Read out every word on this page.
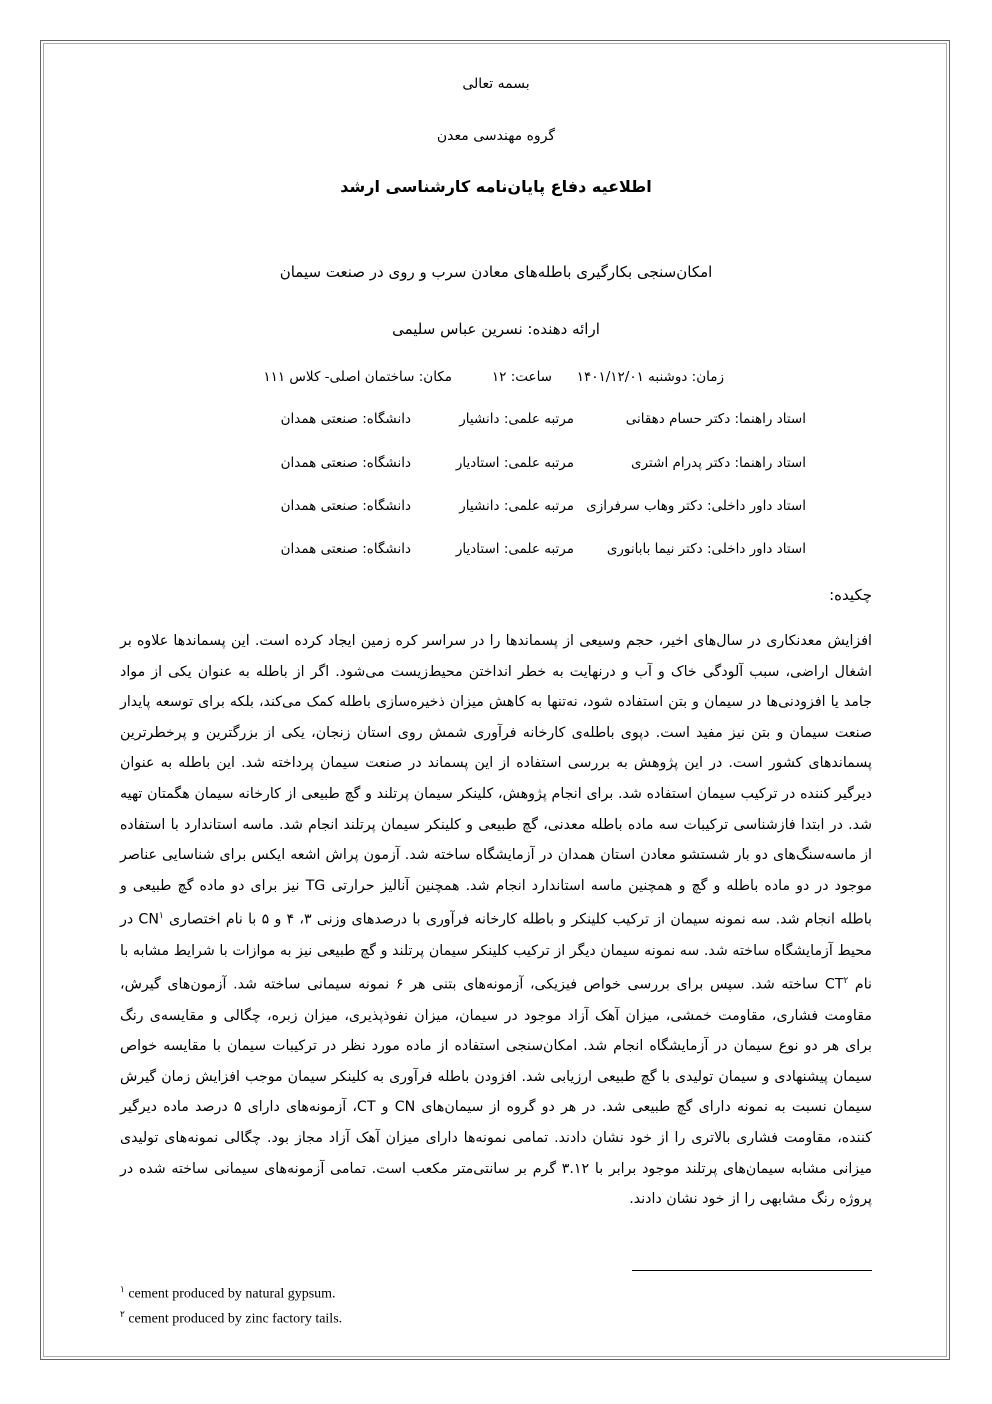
بسمه تعالی
گروه مهندسی معدن
اطلاعیه دفاع پایان‌نامه کارشناسی ارشد
امکان‌سنجی بکارگیری باطله‌های معادن سرب و روی در صنعت سیمان
ارائه دهنده: نسرین عباس سلیمی
زمان: دوشنبه ۱۴۰۱/۱۲/۰۱
ساعت: ۱۲
مکان: ساختمان اصلی- کلاس ۱۱۱
استاد راهنما: دکتر حسام دهقانی
مرتبه علمی: دانشیار
دانشگاه: صنعتی همدان
استاد راهنما: دکتر پدرام اشتری
مرتبه علمی: استادیار
دانشگاه: صنعتی همدان
استاد داور داخلی: دکتر وهاب سرفرازی
مرتبه علمی: دانشیار
دانشگاه: صنعتی همدان
استاد داور داخلی: دکتر نیما بابانوری
مرتبه علمی: استادیار
دانشگاه: صنعتی همدان
چکیده:

افزایش معدنکاری در سال‌های اخیر، حجم وسیعی از پسماندها را در سراسر کره زمین ایجاد کرده است. این پسماندها علاوه بر اشغال اراضی، سبب آلودگی خاک و آب و درنهایت به خطر انداختن محیط‌زیست می‌شود. اگر از باطله به عنوان یکی از مواد جامد یا افزودنی‌ها در سیمان و بتن استفاده شود، نه‌تنها به کاهش میزان ذخیره‌سازی باطله کمک می‌کند، بلکه برای توسعه پایدار صنعت سیمان و بتن نیز مفید است. دپوی باطله‌ی کارخانه فرآوری شمش روی استان زنجان، یکی از بزرگترین و پرخطرترین پسماندهای کشور است. در این پژوهش به بررسی استفاده از این پسماند در صنعت سیمان پرداخته شد. این باطله به عنوان دیرگیر کننده در ترکیب سیمان استفاده شد. برای انجام پژوهش، کلینکر سیمان پرتلند و گچ طبیعی از کارخانه سیمان هگمتان تهیه شد. در ابتدا فازشناسی ترکیبات سه ماده باطله معدنی، گچ طبیعی و کلینکر سیمان پرتلند انجام شد. ماسه استاندارد با استفاده از ماسه‌سنگ‌های دو بار شستشو معادن استان همدان در آزمایشگاه ساخته شد. آزمون پراش اشعه ایکس برای شناسایی عناصر موجود در دو ماده باطله و گچ و همچنین ماسه استاندارد انجام شد. همچنین آنالیز حرارتی TG نیز برای دو ماده گچ طبیعی و باطله انجام شد. سه نمونه سیمان از ترکیب کلینکر و باطله کارخانه فرآوری با درصدهای وزنی ۳، ۴ و ۵ با نام اختصاری $CN^۱$ در محیط آزمایشگاه ساخته شد. سه نمونه سیمان دیگر از ترکیب کلینکر سیمان پرتلند و گچ طبیعی نیز به موازات با شرایط مشابه با نام $CT^۲$ ساخته شد. سپس برای بررسی خواص فیزیکی، آزمونه‌های بتنی هر ۶ نمونه سیمانی ساخته شد. آزمون‌های گیرش، مقاومت فشاری، مقاومت خمشی، میزان آهک آزاد موجود در سیمان، میزان نفوذپذیری، میزان زبره، چگالی و مقایسه‌ی رنگ برای هر دو نوع سیمان در آزمایشگاه انجام شد. امکان‌سنجی استفاده از ماده مورد نظر در ترکیبات سیمان با مقایسه خواص سیمان پیشنهادی و سیمان تولیدی با گچ طبیعی ارزیابی شد. افزودن باطله فرآوری به کلینکر سیمان موجب افزایش زمان گیرش سیمان نسبت به نمونه دارای گچ طبیعی شد. در هر دو گروه از سیمان‌های CN و CT، آزمونه‌های دارای ۵ درصد ماده دیرگیر کننده، مقاومت فشاری بالاتری را از خود نشان دادند. تمامی نمونه‌ها دارای میزان آهک آزاد مجاز بود. چگالی نمونه‌های تولیدی میزانی مشابه سیمان‌های پرتلند موجود برابر با ۳.۱۲ گرم بر سانتی‌متر مکعب است. تمامی آزمونه‌های سیمانی ساخته شده در پروژه رنگ مشابهی را از خود نشان دادند.

$^۱$ cement produced by natural gypsum.
$^۲$ cement produced by zinc factory tails.
